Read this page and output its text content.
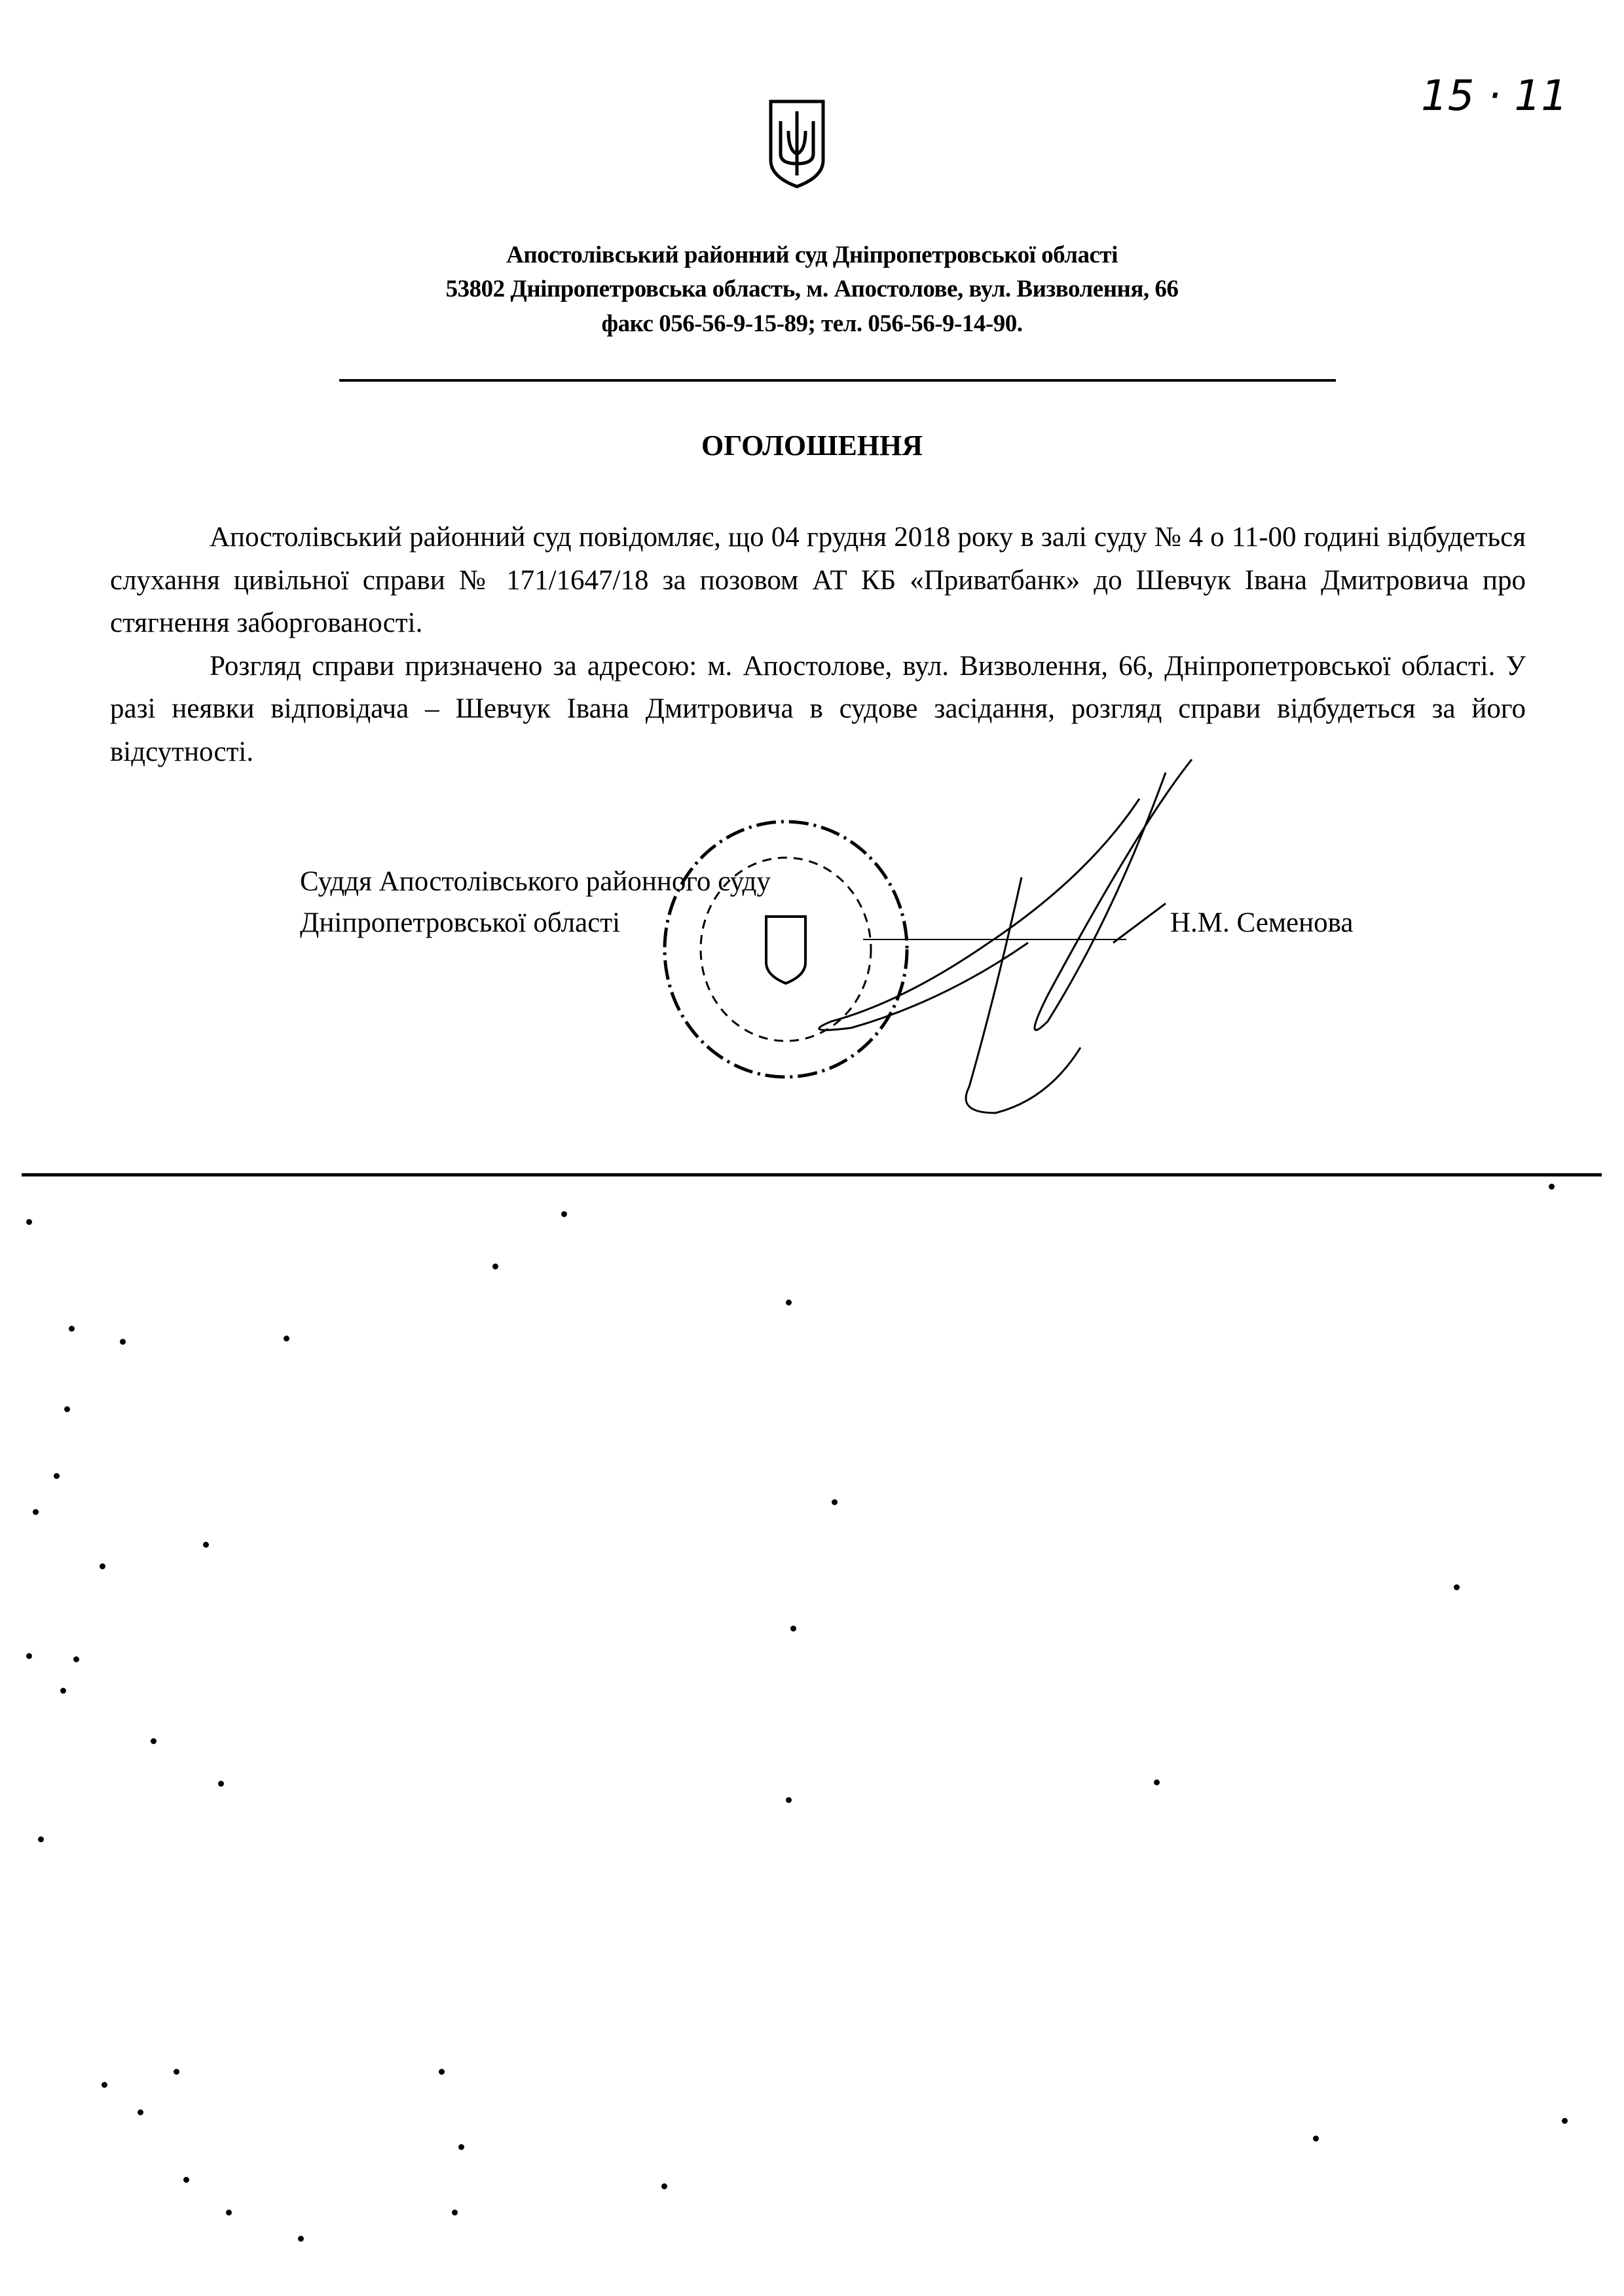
15 · 11
Апостолівський районний суд Дніпропетровської області
53802 Дніпропетровська область, м. Апостолове, вул. Визволення, 66
факс 056-56-9-15-89; тел. 056-56-9-14-90.
ОГОЛОШЕННЯ

Апостолівський районний суд повідомляє, що 04 грудня 2018 року в залі суду № 4 о 11-00 годині відбудеться слухання цивільної справи № 171/1647/18 за позовом АТ КБ «Приватбанк» до Шевчук Івана Дмитровича про стягнення заборгованості.

Розгляд справи призначено за адресою: м. Апостолове, вул. Визволення, 66, Дніпропетровської області. У разі неявки відповідача – Шевчук Івана Дмитровича в судове засідання, розгляд справи відбудеться за його відсутності.

Суддя Апостолівського районного суду
Дніпропетровської області	Н.М. Семенова
